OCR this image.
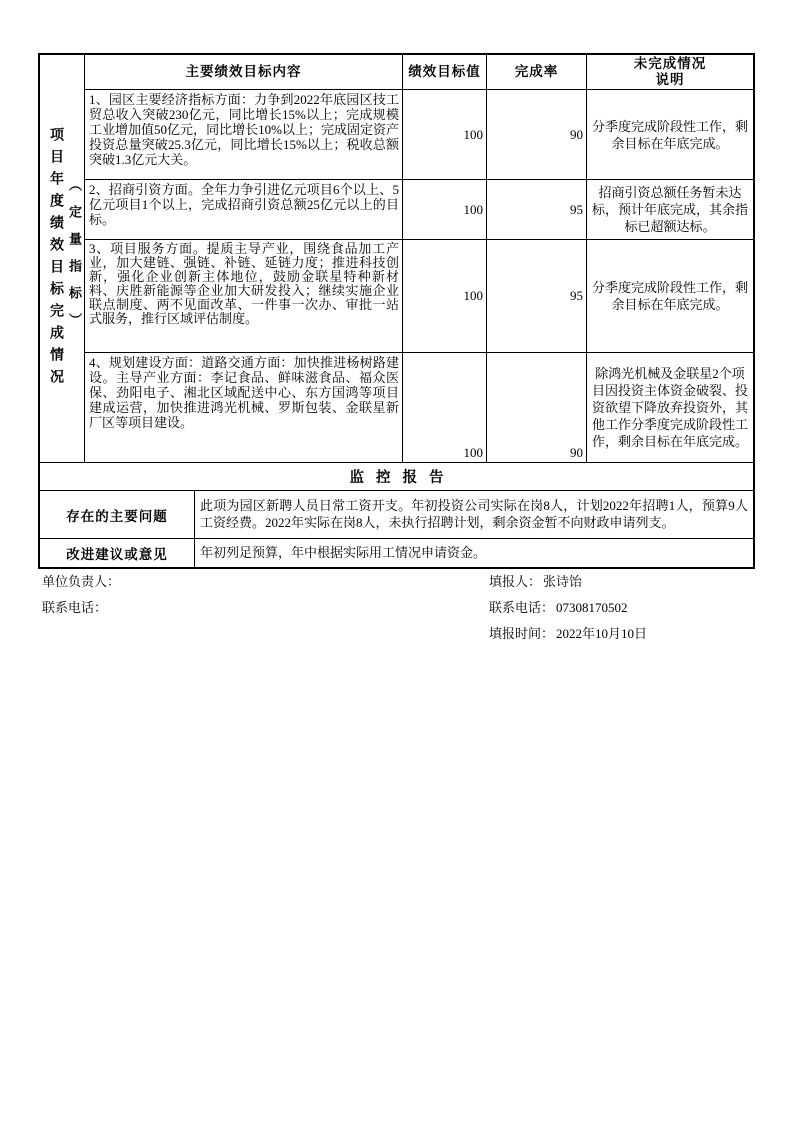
项目年度绩效目标完成情况 （定量指标）
主要绩效目标内容	绩效目标值	完成率
未完成情况
说明
1、园区主要经济指标方面：力争到2022年底园区技工贸总收入突破230亿元，同比增长15%以上；完成规模工业增加值50亿元，同比增长10%以上；完成固定资产投资总量突破25.3亿元，同比增长15%以上；税收总额突破1.3亿元大关。
100	90
分季度完成阶段性工作，剩余目标在年底完成。
2、招商引资方面。全年力争引进亿元项目6个以上、5亿元项目1个以上，完成招商引资总额25亿元以上的目标。
100	95
招商引资总额任务暂未达标，预计年底完成，其余指标已超额达标。
3、项目服务方面。提质主导产业，围绕食品加工产业，加大建链、强链、补链、延链力度；推进科技创新，强化企业创新主体地位，鼓励金联星特种新材料、庆胜新能源等企业加大研发投入；继续实施企业联点制度、两不见面改革、一件事一次办、审批一站式服务，推行区域评估制度。
100	95
分季度完成阶段性工作，剩余目标在年底完成。
4、规划建设方面：道路交通方面：加快推进杨树路建设。主导产业方面：李记食品、鲜味滋食品、福众医保、劲阳电子、湘北区域配送中心、东方国鸿等项目建成运营，加快推进鸿光机械、罗斯包装、金联星新厂区等项目建设。
100	90
除鸿光机械及金联星2个项目因投资主体资金破裂、投资欲望下降放弃投资外，其他工作分季度完成阶段性工作，剩余目标在年底完成。
监控报告
存在的主要问题
此项为园区新聘人员日常工资开支。年初投资公司实际在岗8人，计划2022年招聘1人，预算9人工资经费。2022年实际在岗8人，未执行招聘计划，剩余资金暂不向财政申请列支。
改进建议或意见	年初列足预算，年中根据实际用工情况申请资金。
单位负责人：
联系电话：
填报人： 张诗饴
联系电话： 07308170502
填报时间： 2022年10月10日
